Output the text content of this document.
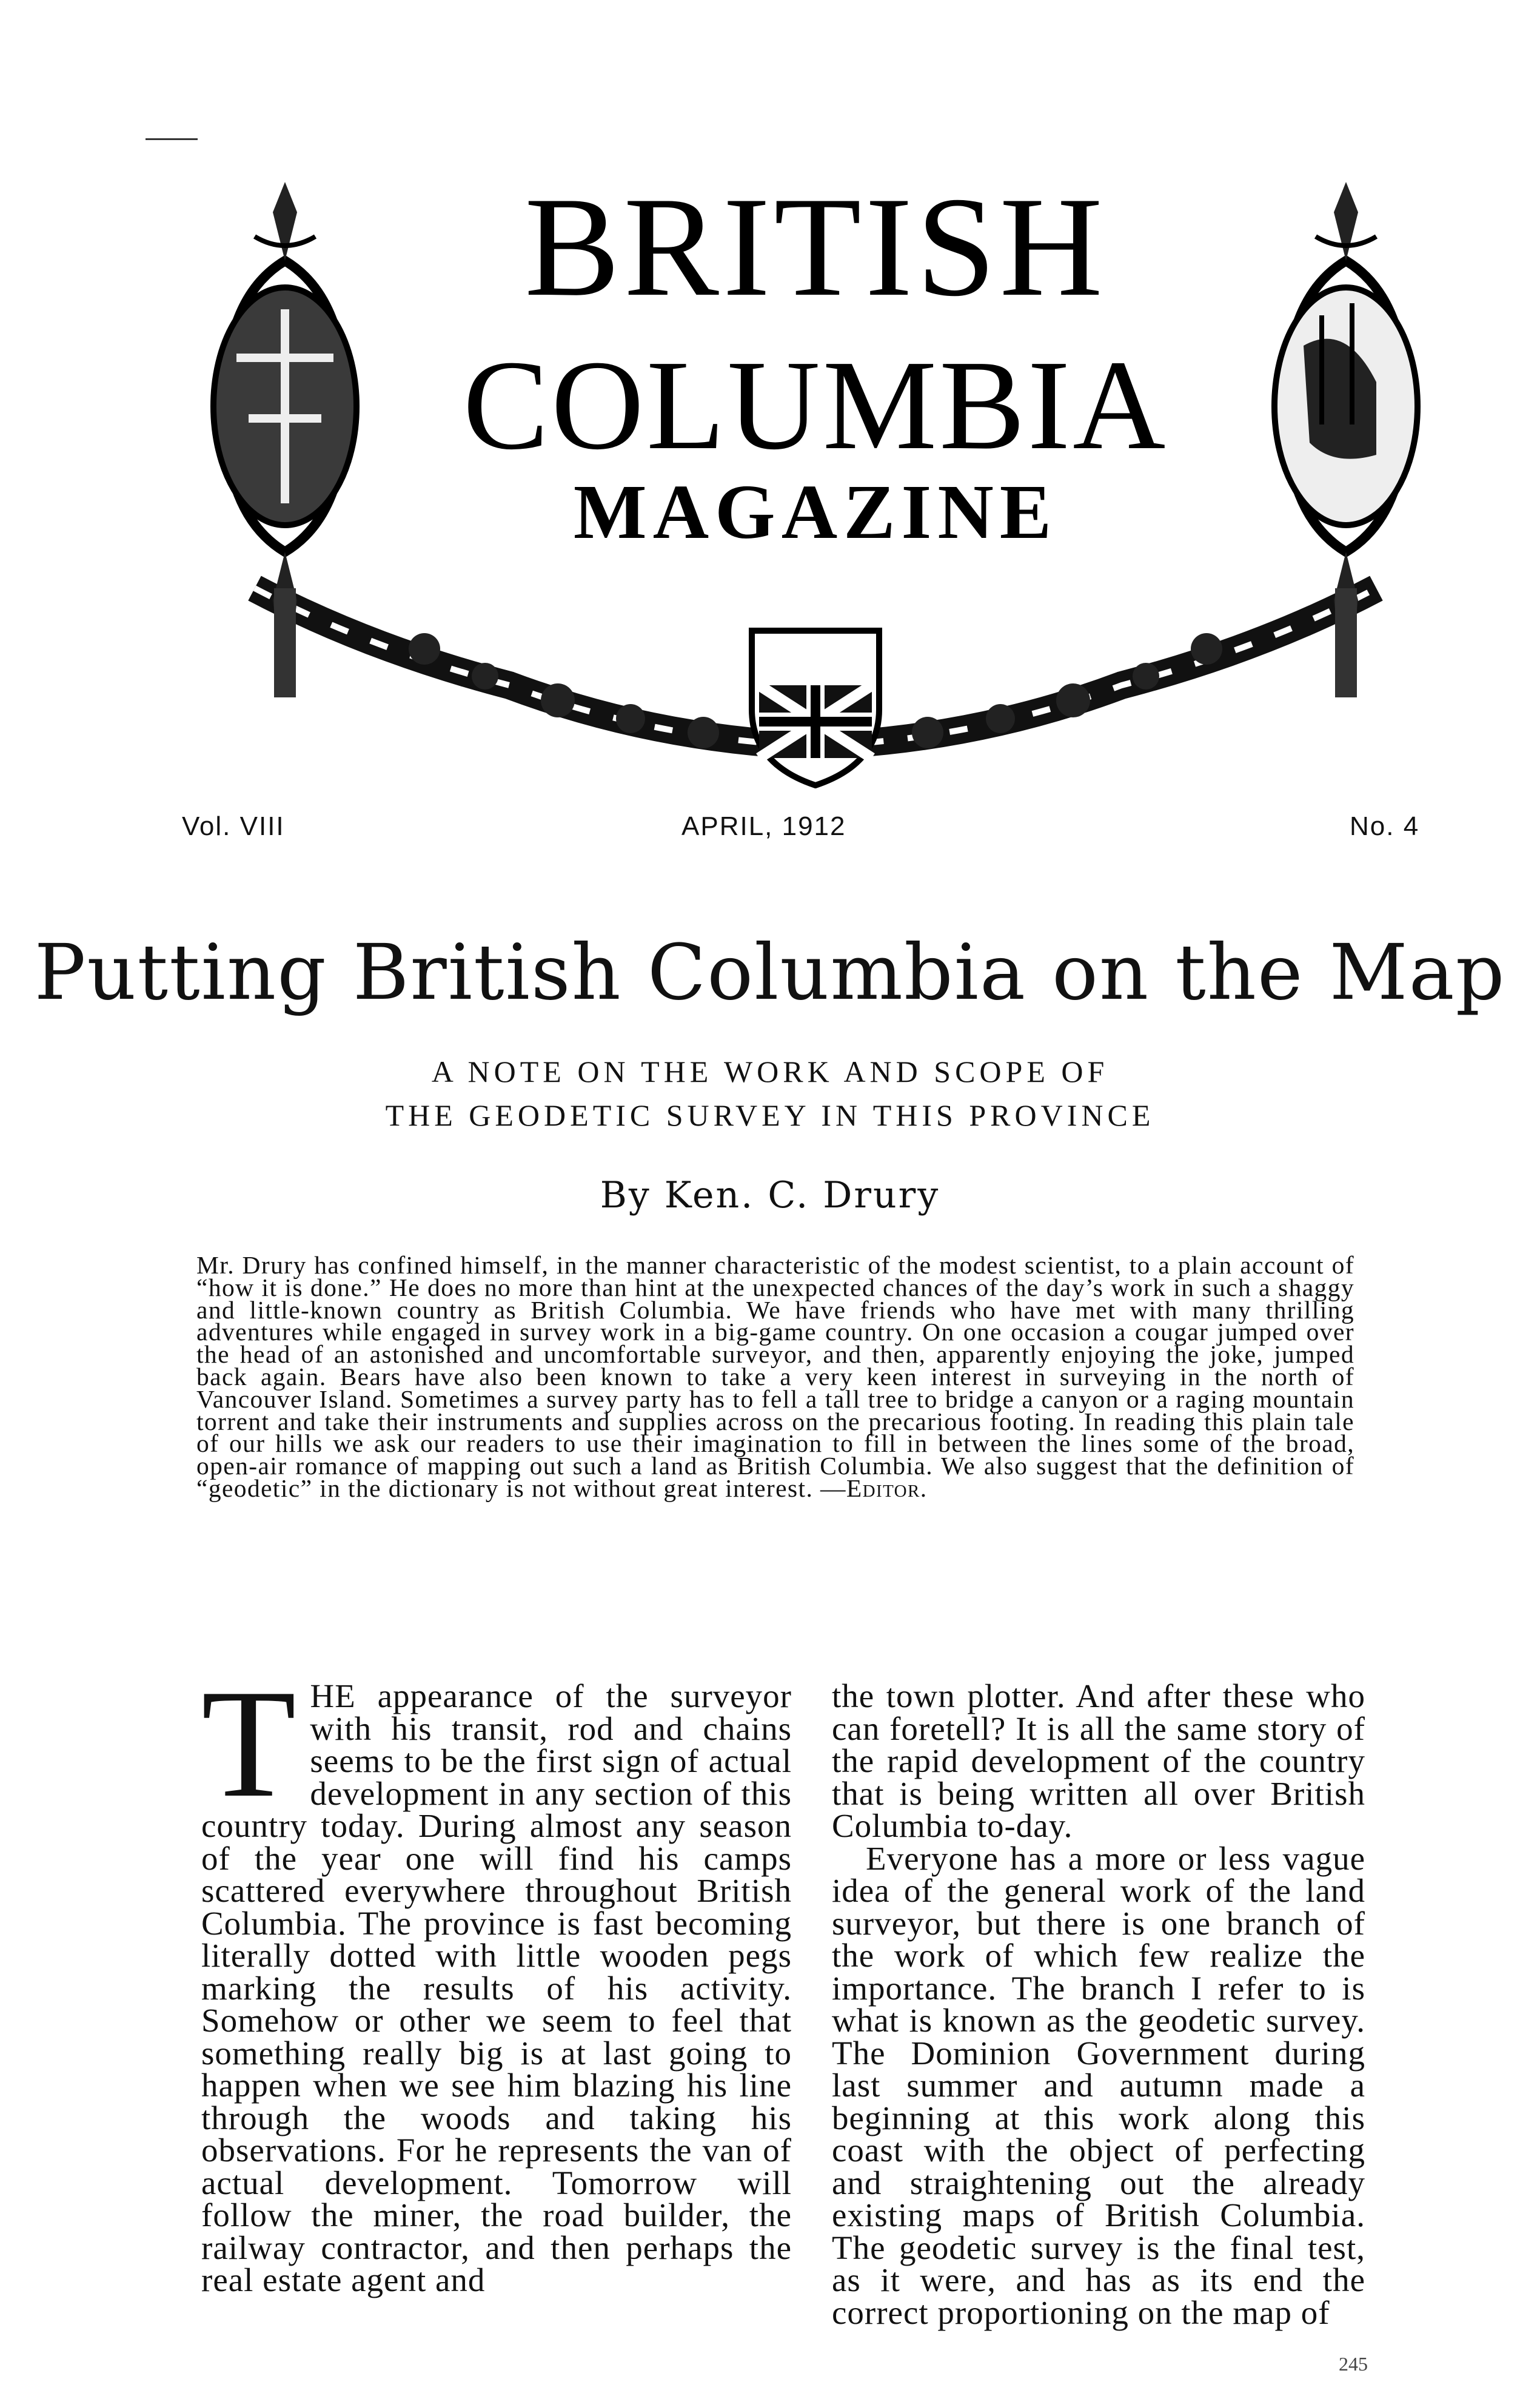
BRITISH
COLUMBIA
MAGAZINE
Vol. VIII	APRIL, 1912	No. 4
Putting British Columbia on the Map
A NOTE ON THE WORK AND SCOPE OF
THE GEODETIC SURVEY IN THIS PROVINCE
By Ken. C. Drury
Mr. Drury has confined himself, in the manner characteristic of the modest scientist, to a plain account of “how it is done.” He does no more than hint at the unexpected chances of the day’s work in such a shaggy and little-known country as British Columbia. We have friends who have met with many thrilling adventures while engaged in survey work in a big-game country. On one occasion a cougar jumped over the head of an astonished and uncomfortable surveyor, and then, apparently enjoying the joke, jumped back again. Bears have also been known to take a very keen interest in surveying in the north of Vancouver Island. Sometimes a survey party has to fell a tall tree to bridge a canyon or a raging mountain torrent and take their instruments and supplies across on the precarious footing. In reading this plain tale of our hills we ask our readers to use their imagination to fill in between the lines some of the broad, open-air romance of mapping out such a land as British Columbia. We also suggest that the definition of “geodetic” in the dictionary is not without great interest. —Editor.

THE appearance of the surveyor with his transit, rod and chains seems to be the first sign of actual development in any section of this country today. During almost any season of the year one will find his camps scattered everywhere throughout British Columbia. The province is fast becoming literally dotted with little wooden pegs marking the results of his activity. Somehow or other we seem to feel that something really big is at last going to happen when we see him blazing his line through the woods and taking his observations. For he represents the van of actual development. Tomorrow will follow the miner, the road builder, the railway contractor, and then perhaps the real estate agent and

the town plotter. And after these who can foretell? It is all the same story of the rapid development of the country that is being written all over British Columbia to-day.

Everyone has a more or less vague idea of the general work of the land surveyor, but there is one branch of the work of which few realize the importance. The branch I refer to is what is known as the geodetic survey. The Dominion Government during last summer and autumn made a beginning at this work along this coast with the object of perfecting and straightening out the already existing maps of British Columbia. The geodetic survey is the final test, as it were, and has as its end the correct proportioning on the map of

245
